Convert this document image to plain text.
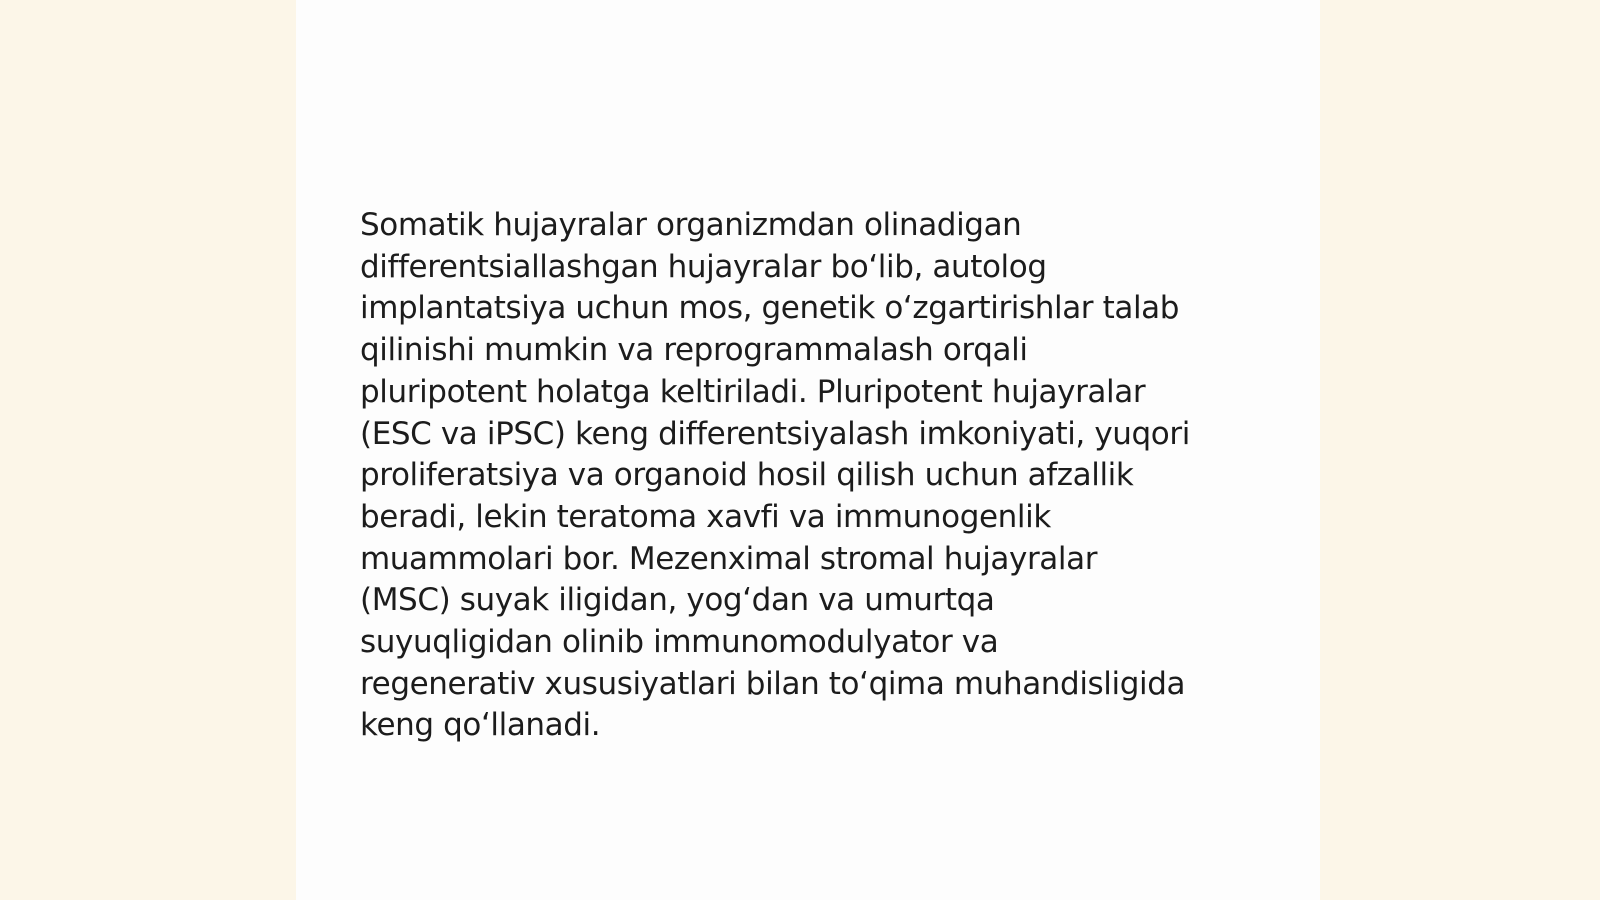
Somatik hujayralar organizmdan olinadigan
differentsiallashgan hujayralar bo‘lib, autolog
implantatsiya uchun mos, genetik o‘zgartirishlar talab
qilinishi mumkin va reprogrammalash orqali
pluripotent holatga keltiriladi. Pluripotent hujayralar
(ESC va iPSC) keng differentsiyalash imkoniyati, yuqori
proliferatsiya va organoid hosil qilish uchun afzallik
beradi, lekin teratoma xavfi va immunogenlik
muammolari bor. Mezenximal stromal hujayralar
(MSC) suyak iligidan, yog‘dan va umurtqa
suyuqligidan olinib immunomodulyator va
regenerativ xususiyatlari bilan to‘qima muhandisligida
keng qo‘llanadi.
